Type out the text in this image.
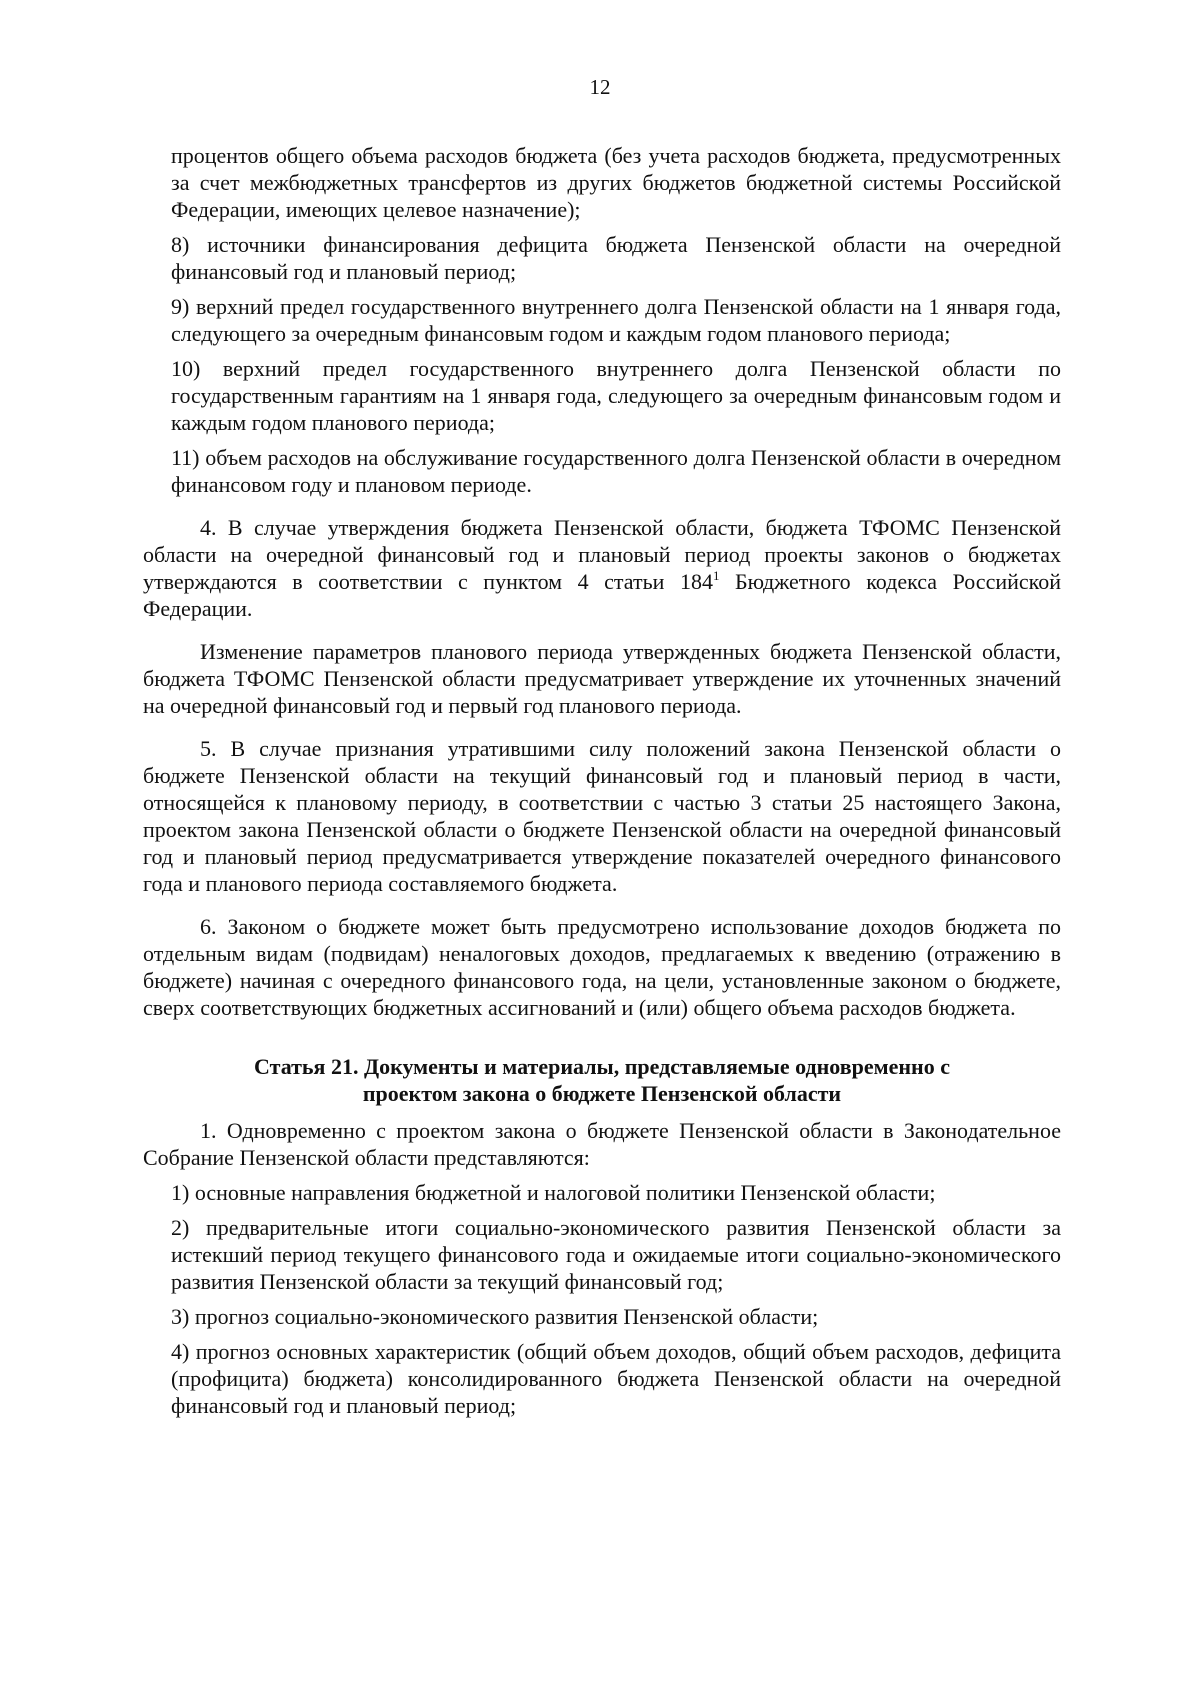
12

процентов общего объема расходов бюджета (без учета расходов бюджета, предусмотренных за счет межбюджетных трансфертов из других бюджетов бюджетной системы Российской Федерации, имеющих целевое назначение);

8) источники финансирования дефицита бюджета Пензенской области на очередной финансовый год и плановый период;

9) верхний предел государственного внутреннего долга Пензенской области на 1 января года, следующего за очередным финансовым годом и каждым годом планового периода;

10) верхний предел государственного внутреннего долга Пензенской области по государственным гарантиям на 1 января года, следующего за очередным финансовым годом и каждым годом планового периода;

11) объем расходов на обслуживание государственного долга Пензенской области в очередном финансовом году и плановом периоде.

4. В случае утверждения бюджета Пензенской области, бюджета ТФОМС Пензенской области на очередной финансовый год и плановый период проекты законов о бюджетах утверждаются в соответствии с пунктом 4 статьи $184^1$ Бюджетного кодекса Российской Федерации.

Изменение параметров планового периода утвержденных бюджета Пензенской области, бюджета ТФОМС Пензенской области предусматривает утверждение их уточненных значений на очередной финансовый год и первый год планового периода.

5. В случае признания утратившими силу положений закона Пензенской области о бюджете Пензенской области на текущий финансовый год и плановый период в части, относящейся к плановому периоду, в соответствии с частью 3 статьи 25 настоящего Закона, проектом закона Пензенской области о бюджете Пензенской области на очередной финансовый год и плановый период предусматривается утверждение показателей очередного финансового года и планового периода составляемого бюджета.

6. Законом о бюджете может быть предусмотрено использование доходов бюджета по отдельным видам (подвидам) неналоговых доходов, предлагаемых к введению (отражению в бюджете) начиная с очередного финансового года, на цели, установленные законом о бюджете, сверх соответствующих бюджетных ассигнований и (или) общего объема расходов бюджета.

Статья 21. Документы и материалы, представляемые одновременно с
проектом закона о бюджете Пензенской области

1. Одновременно с проектом закона о бюджете Пензенской области в Законодательное Собрание Пензенской области представляются:

1) основные направления бюджетной и налоговой политики Пензенской области;

2) предварительные итоги социально-экономического развития Пензенской области за истекший период текущего финансового года и ожидаемые итоги социально-экономического развития Пензенской области за текущий финансовый год;

3) прогноз социально-экономического развития Пензенской области;

4) прогноз основных характеристик (общий объем доходов, общий объем расходов, дефицита (профицита) бюджета) консолидированного бюджета Пензенской области на очередной финансовый год и плановый период;
